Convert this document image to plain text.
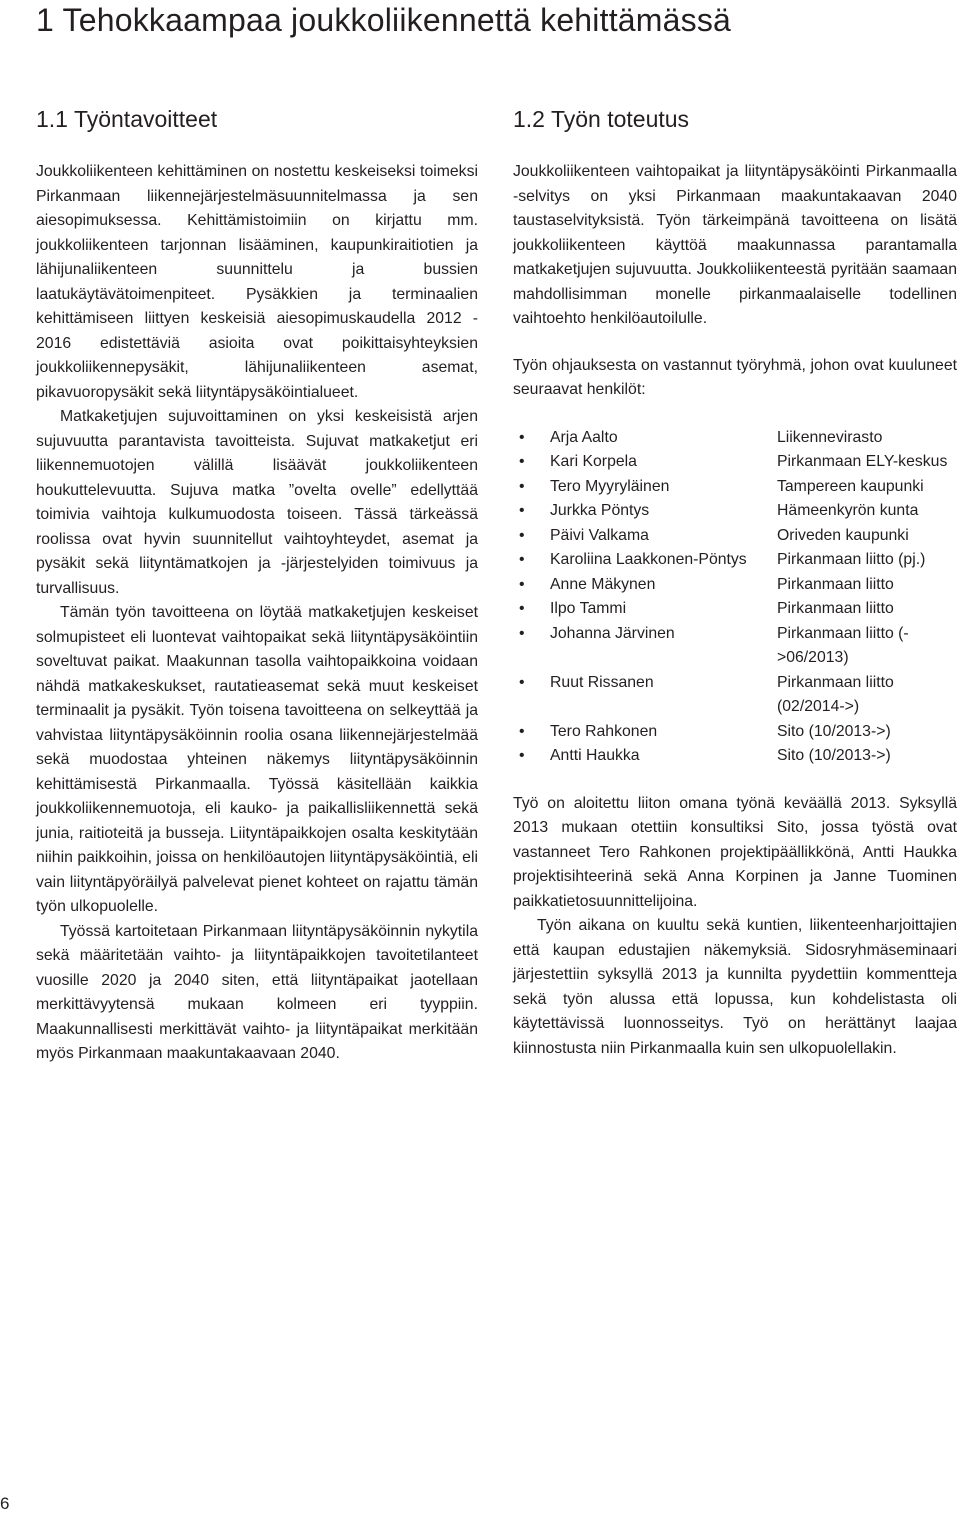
1 Tehokkaampaa joukkoliikennettä kehittämässä
1.1 Työntavoitteet

Joukkoliikenteen kehittäminen on nostettu keskeiseksi toimeksi Pirkanmaan liikennejärjestelmäsuunnitelmassa ja sen aiesopimuksessa. Kehittämistoimiin on kirjattu mm. joukkoliikenteen tarjonnan lisääminen, kaupunkiraitiotien ja lähijunaliikenteen suunnittelu ja bussien laatukäytävätoimenpiteet. Pysäkkien ja terminaalien kehittämiseen liittyen keskeisiä aiesopimuskaudella 2012 - 2016 edistettäviä asioita ovat poikittaisyhteyksien joukkoliikennepysäkit, lähijunaliikenteen asemat, pikavuoropysäkit sekä liityntäpysäköintialueet.

Matkaketjujen sujuvoittaminen on yksi keskeisistä arjen sujuvuutta parantavista tavoitteista. Sujuvat matkaketjut eri liikennemuotojen välillä lisäävät joukkoliikenteen houkuttelevuutta. Sujuva matka ”ovelta ovelle” edellyttää toimivia vaihtoja kulkumuodosta toiseen. Tässä tärkeässä roolissa ovat hyvin suunnitellut vaihtoyhteydet, asemat ja pysäkit sekä liityntämatkojen ja -järjestelyiden toimivuus ja turvallisuus.

Tämän työn tavoitteena on löytää matkaketjujen keskeiset solmupisteet eli luontevat vaihtopaikat sekä liityntäpysäköintiin soveltuvat paikat. Maakunnan tasolla vaihtopaikkoina voidaan nähdä matkakeskukset, rautatieasemat sekä muut keskeiset terminaalit ja pysäkit. Työn toisena tavoitteena on selkeyttää ja vahvistaa liityntäpysäköinnin roolia osana liikennejärjestelmää sekä muodostaa yhteinen näkemys liityntäpysäköinnin kehittämisestä Pirkanmaalla. Työssä käsitellään kaikkia joukkoliikennemuotoja, eli kauko- ja paikallisliikennettä sekä junia, raitioteitä ja busseja. Liityntäpaikkojen osalta keskitytään niihin paikkoihin, joissa on henkilöautojen liityntäpysäköintiä, eli vain liityntäpyöräilyä palvelevat pienet kohteet on rajattu tämän työn ulkopuolelle.

Työssä kartoitetaan Pirkanmaan liityntäpysäköinnin nykytila sekä määritetään vaihto- ja liityntäpaikkojen tavoitetilanteet vuosille 2020 ja 2040 siten, että liityntäpaikat jaotellaan merkittävyytensä mukaan kolmeen eri tyyppiin. Maakunnallisesti merkittävät vaihto- ja liityntäpaikat merkitään myös Pirkanmaan maakuntakaavaan 2040.

1.2 Työn toteutus

Joukkoliikenteen vaihtopaikat ja liityntäpysäköinti Pirkanmaalla -selvitys on yksi Pirkanmaan maakuntakaavan 2040 taustaselvityksistä. Työn tärkeimpänä tavoitteena on lisätä joukkoliikenteen käyttöä maakunnassa parantamalla matkaketjujen sujuvuutta. Joukkoliikenteestä pyritään saamaan mahdollisimman monelle pirkanmaalaiselle todellinen vaihtoehto henkilöautoilulle.

Työn ohjauksesta on vastannut työryhmä, johon ovat kuuluneet seuraavat henkilöt:

•	Arja Aalto	Liikennevirasto
•	Kari Korpela	Pirkanmaan ELY-keskus
•	Tero Myyryläinen	Tampereen kaupunki
•	Jurkka Pöntys	Hämeenkyrön kunta
•	Päivi Valkama	Oriveden kaupunki
•	Karoliina Laakkonen-Pöntys	Pirkanmaan liitto (pj.)
•	Anne Mäkynen	Pirkanmaan liitto
•	Ilpo Tammi	Pirkanmaan liitto
•	Johanna Järvinen	Pirkanmaan liitto (->06/2013)
•	Ruut Rissanen	Pirkanmaan liitto (02/2014->)
•	Tero Rahkonen	Sito (10/2013->)
•	Antti Haukka	Sito (10/2013->)

Työ on aloitettu liiton omana työnä keväällä 2013. Syksyllä 2013 mukaan otettiin konsultiksi Sito, jossa työstä ovat vastanneet Tero Rahkonen projektipäällikkönä, Antti Haukka projektisihteerinä sekä Anna Korpinen ja Janne Tuominen paikkatietosuunnittelijoina.

Työn aikana on kuultu sekä kuntien, liikenteenharjoittajien että kaupan edustajien näkemyksiä. Sidosryhmäseminaari järjestettiin syksyllä 2013 ja kunnilta pyydettiin kommentteja sekä työn alussa että lopussa, kun kohdelistasta oli käytettävissä luonnosseitys. Työ on herättänyt laajaa kiinnostusta niin Pirkanmaalla kuin sen ulkopuolellakin.

6
